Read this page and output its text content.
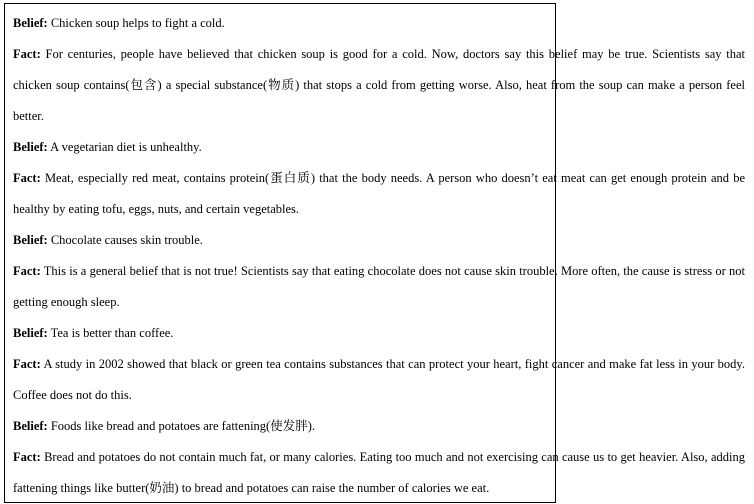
Belief: Chicken soup helps to fight a cold.

Fact: For centuries, people have believed that chicken soup is good for a cold. Now, doctors say this belief may be true. Scientists say that chicken soup contains(包含) a special substance(物质) that stops a cold from getting worse. Also, heat from the soup can make a person feel better.

Belief: A vegetarian diet is unhealthy.

Fact: Meat, especially red meat, contains protein(蛋白质) that the body needs. A person who doesn’t eat meat can get enough protein and be healthy by eating tofu, eggs, nuts, and certain vegetables.

Belief: Chocolate causes skin trouble.

Fact: This is a general belief that is not true! Scientists say that eating chocolate does not cause skin trouble. More often, the cause is stress or not getting enough sleep.

Belief: Tea is better than coffee.

Fact: A study in 2002 showed that black or green tea contains substances that can protect your heart, fight cancer and make fat less in your body. Coffee does not do this.

Belief: Foods like bread and potatoes are fattening(使发胖).

Fact: Bread and potatoes do not contain much fat, or many calories. Eating too much and not exercising can cause us to get heavier. Also, adding fattening things like butter(奶油) to bread and potatoes can raise the number of calories we eat.
